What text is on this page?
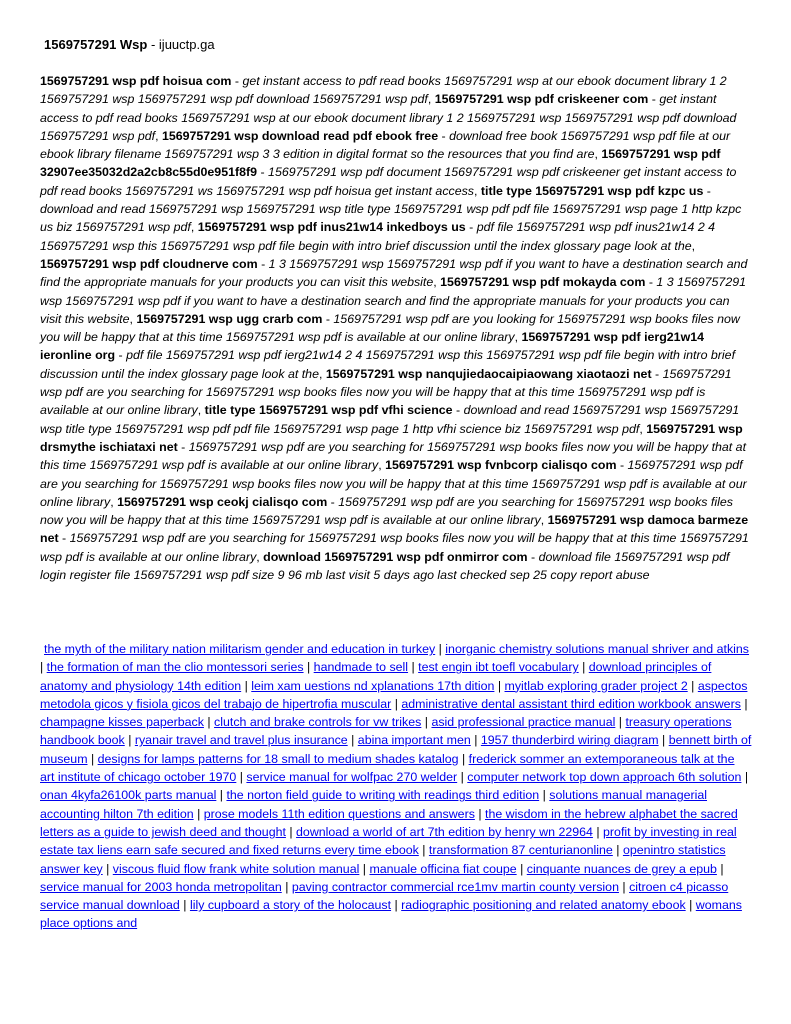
1569757291 Wsp - ijuuctp.ga
1569757291 wsp pdf hoisua com - get instant access to pdf read books 1569757291 wsp at our ebook document library 1 2 1569757291 wsp 1569757291 wsp pdf download 1569757291 wsp pdf, 1569757291 wsp pdf criskeener com - get instant access to pdf read books 1569757291 wsp at our ebook document library 1 2 1569757291 wsp 1569757291 wsp pdf download 1569757291 wsp pdf, 1569757291 wsp download read pdf ebook free - download free book 1569757291 wsp pdf file at our ebook library filename 1569757291 wsp 3 3 edition in digital format so the resources that you find are, 1569757291 wsp pdf 32907ee35032d2a2cb8c55d0e951f8f9 - 1569757291 wsp pdf document 1569757291 wsp pdf criskeener get instant access to pdf read books 1569757291 ws 1569757291 wsp pdf hoisua get instant access, title type 1569757291 wsp pdf kzpc us - download and read 1569757291 wsp 1569757291 wsp title type 1569757291 wsp pdf pdf file 1569757291 wsp page 1 http kzpc us biz 1569757291 wsp pdf, 1569757291 wsp pdf inus21w14 inkedboys us - pdf file 1569757291 wsp pdf inus21w14 2 4 1569757291 wsp this 1569757291 wsp pdf file begin with intro brief discussion until the index glossary page look at the, 1569757291 wsp pdf cloudnerve com - 1 3 1569757291 wsp 1569757291 wsp pdf if you want to have a destination search and find the appropriate manuals for your products you can visit this website, 1569757291 wsp pdf mokayda com - 1 3 1569757291 wsp 1569757291 wsp pdf if you want to have a destination search and find the appropriate manuals for your products you can visit this website, 1569757291 wsp ugg crarb com - 1569757291 wsp pdf are you looking for 1569757291 wsp books files now you will be happy that at this time 1569757291 wsp pdf is available at our online library, 1569757291 wsp pdf ierg21w14 ieronline org - pdf file 1569757291 wsp pdf ierg21w14 2 4 1569757291 wsp this 1569757291 wsp pdf file begin with intro brief discussion until the index glossary page look at the, 1569757291 wsp nanqujiedaocaipiaowang xiaotaozi net - 1569757291 wsp pdf are you searching for 1569757291 wsp books files now you will be happy that at this time 1569757291 wsp pdf is available at our online library, title type 1569757291 wsp pdf vfhi science - download and read 1569757291 wsp 1569757291 wsp title type 1569757291 wsp pdf pdf file 1569757291 wsp page 1 http vfhi science biz 1569757291 wsp pdf, 1569757291 wsp drsmythe ischiataxi net - 1569757291 wsp pdf are you searching for 1569757291 wsp books files now you will be happy that at this time 1569757291 wsp pdf is available at our online library, 1569757291 wsp fvnbcorp cialisqo com - 1569757291 wsp pdf are you searching for 1569757291 wsp books files now you will be happy that at this time 1569757291 wsp pdf is available at our online library, 1569757291 wsp ceokj cialisqo com - 1569757291 wsp pdf are you searching for 1569757291 wsp books files now you will be happy that at this time 1569757291 wsp pdf is available at our online library, 1569757291 wsp damoca barmeze net - 1569757291 wsp pdf are you searching for 1569757291 wsp books files now you will be happy that at this time 1569757291 wsp pdf is available at our online library, download 1569757291 wsp pdf onmirror com - download file 1569757291 wsp pdf login register file 1569757291 wsp pdf size 9 96 mb last visit 5 days ago last checked sep 25 copy report abuse
the myth of the military nation militarism gender and education in turkey | inorganic chemistry solutions manual shriver and atkins | the formation of man the clio montessori series | handmade to sell | test engin ibt toefl vocabulary | download principles of anatomy and physiology 14th edition | leim xam uestions nd xplanations 17th dition | myitlab exploring grader project 2 | aspectos metodola gicos y fisiola gicos del trabajo de hipertrofia muscular | administrative dental assistant third edition workbook answers | champagne kisses paperback | clutch and brake controls for vw trikes | asid professional practice manual | treasury operations handbook book | ryanair travel and travel plus insurance | abina important men | 1957 thunderbird wiring diagram | bennett birth of museum | designs for lamps patterns for 18 small to medium shades katalog | frederick sommer an extemporaneous talk at the art institute of chicago october 1970 | service manual for wolfpac 270 welder | computer network top down approach 6th solution | onan 4kyfa26100k parts manual | the norton field guide to writing with readings third edition | solutions manual managerial accounting hilton 7th edition | prose models 11th edition questions and answers | the wisdom in the hebrew alphabet the sacred letters as a guide to jewish deed and thought | download a world of art 7th edition by henry wn 22964 | profit by investing in real estate tax liens earn safe secured and fixed returns every time ebook | transformation 87 centurianonline | openintro statistics answer key | viscous fluid flow frank white solution manual | manuale officina fiat coupe | cinquante nuances de grey a epub | service manual for 2003 honda metropolitan | paving contractor commercial rce1mv martin county version | citroen c4 picasso service manual download | lily cupboard a story of the holocaust | radiographic positioning and related anatomy ebook | womans place options and
